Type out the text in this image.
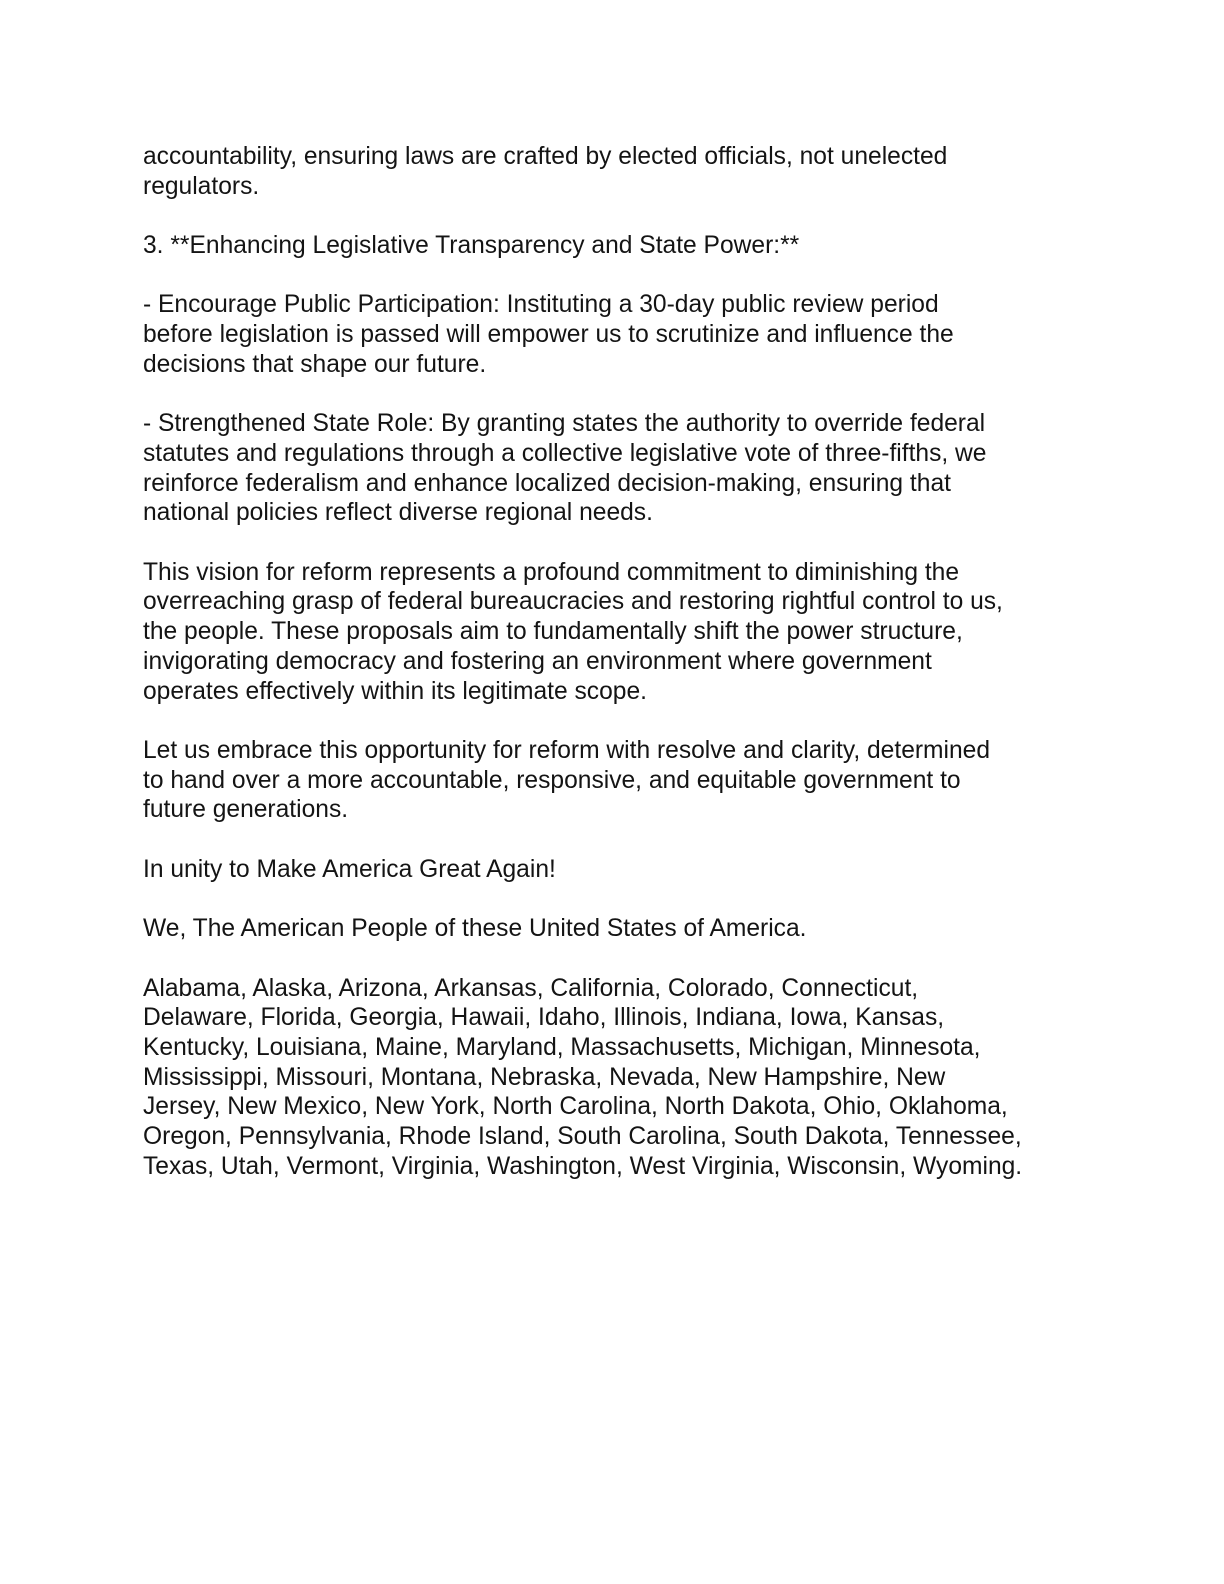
accountability, ensuring laws are crafted by elected officials, not unelected
regulators.

3. **Enhancing Legislative Transparency and State Power:**

- Encourage Public Participation: Instituting a 30-day public review period
before legislation is passed will empower us to scrutinize and influence the
decisions that shape our future.

- Strengthened State Role: By granting states the authority to override federal
statutes and regulations through a collective legislative vote of three-fifths, we
reinforce federalism and enhance localized decision-making, ensuring that
national policies reflect diverse regional needs.

This vision for reform represents a profound commitment to diminishing the
overreaching grasp of federal bureaucracies and restoring rightful control to us,
the people. These proposals aim to fundamentally shift the power structure,
invigorating democracy and fostering an environment where government
operates effectively within its legitimate scope.

Let us embrace this opportunity for reform with resolve and clarity, determined
to hand over a more accountable, responsive, and equitable government to
future generations.

In unity to Make America Great Again!

We, The American People of these United States of America.

Alabama, Alaska, Arizona, Arkansas, California, Colorado, Connecticut,
Delaware, Florida, Georgia, Hawaii, Idaho, Illinois, Indiana, Iowa, Kansas,
Kentucky, Louisiana, Maine, Maryland, Massachusetts, Michigan, Minnesota,
Mississippi, Missouri, Montana, Nebraska, Nevada, New Hampshire, New
Jersey, New Mexico, New York, North Carolina, North Dakota, Ohio, Oklahoma,
Oregon, Pennsylvania, Rhode Island, South Carolina, South Dakota, Tennessee,
Texas, Utah, Vermont, Virginia, Washington, West Virginia, Wisconsin, Wyoming.
